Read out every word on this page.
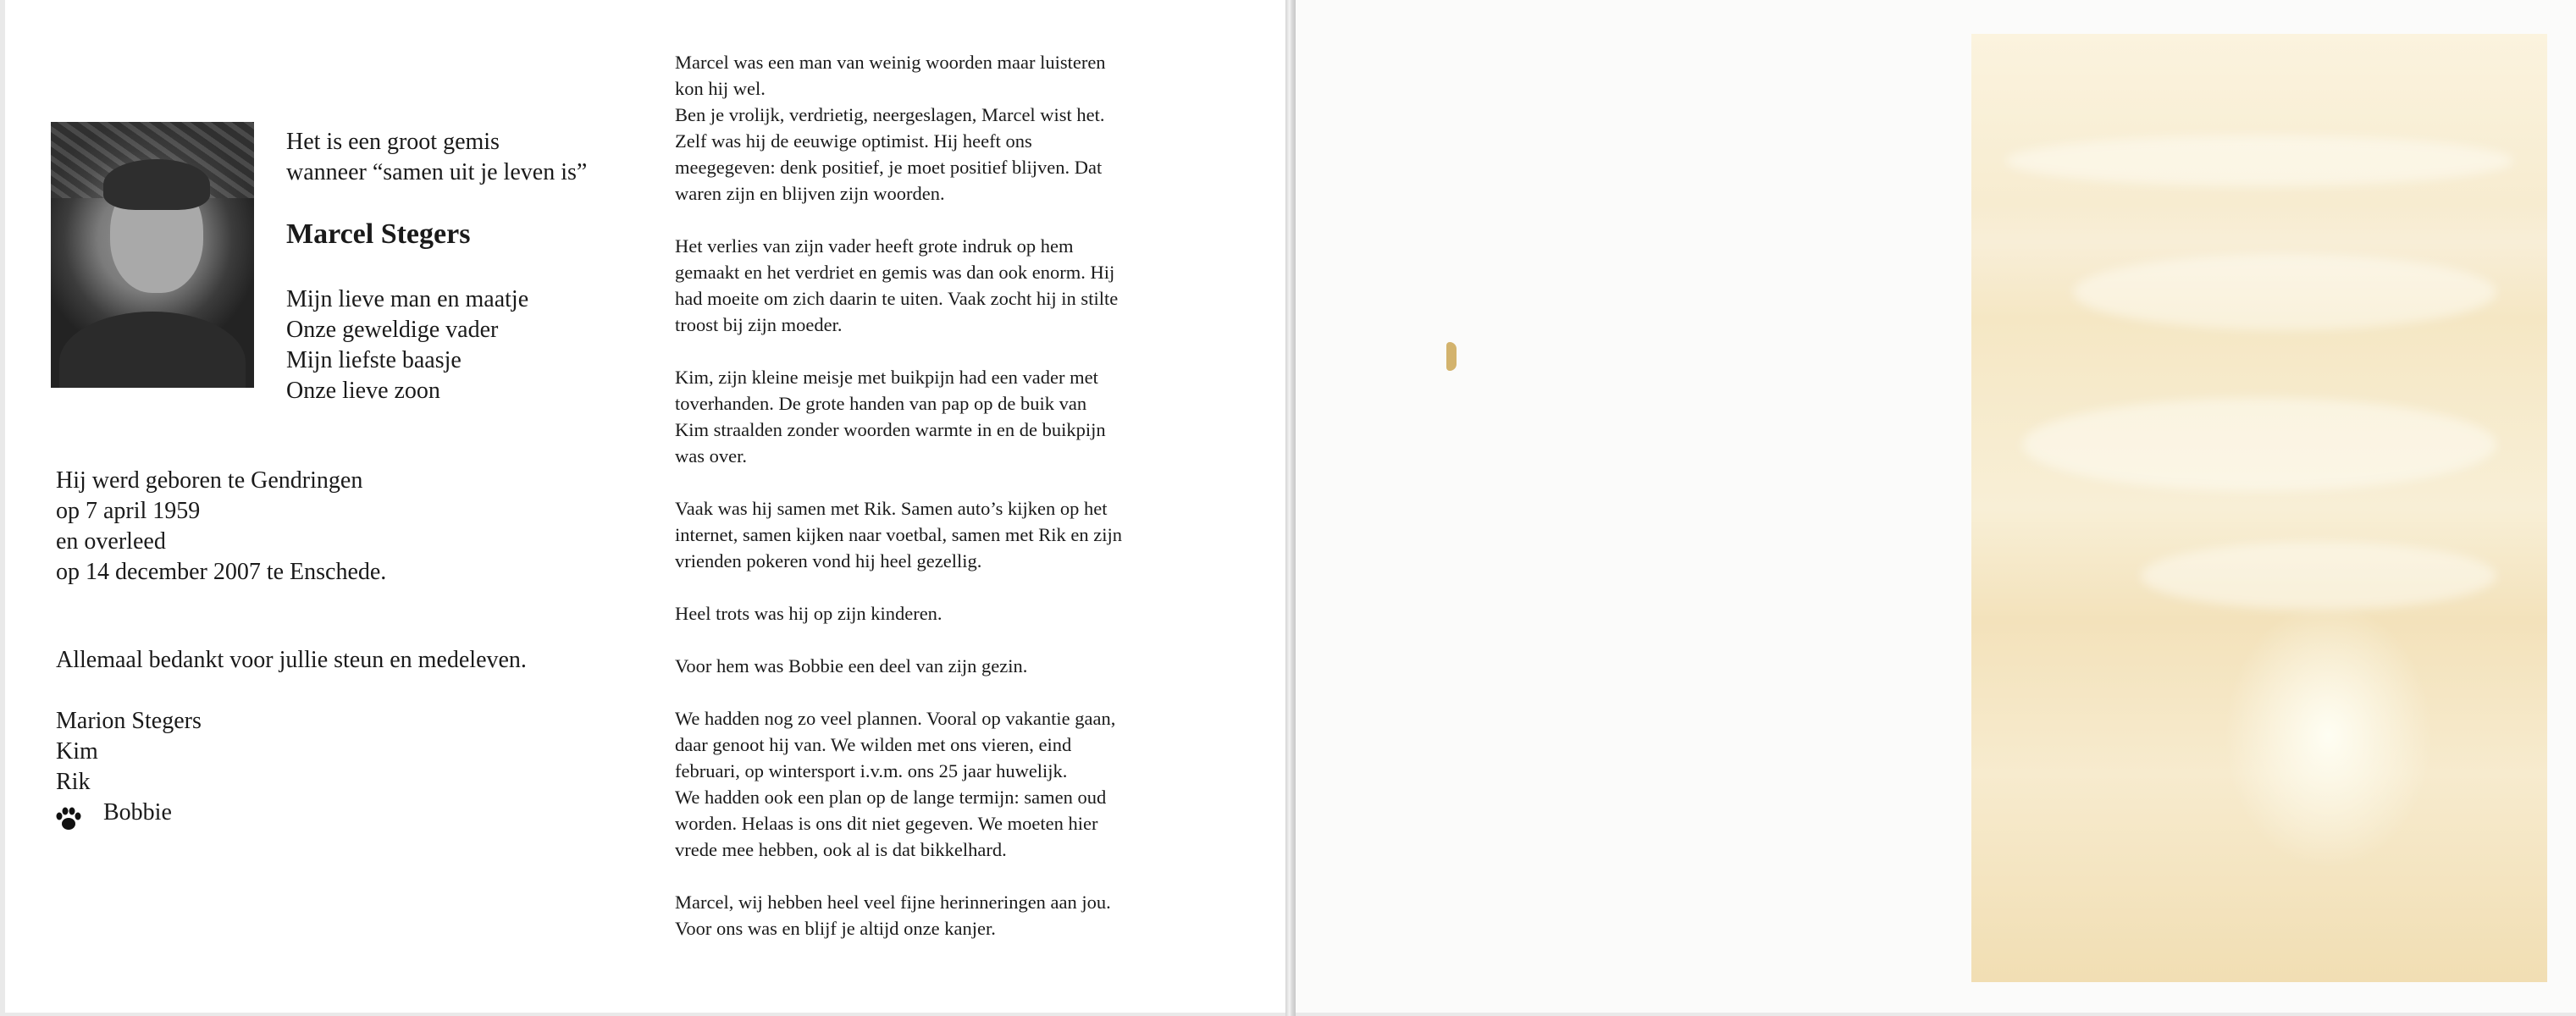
Het is een groot gemis
wanneer “samen uit je leven is”
Marcel Stegers
Mijn lieve man en maatje
Onze geweldige vader
Mijn liefste baasje
Onze lieve zoon
Hij werd geboren te Gendringen
op 7 april 1959
en overleed
op 14 december 2007 te Enschede.
Allemaal bedankt voor jullie steun en medeleven.
Marion Stegers
Kim
Rik
Bobbie
Marcel was een man van weinig woorden maar luisteren
kon hij wel.
Ben je vrolijk, verdrietig, neergeslagen, Marcel wist het.
Zelf was hij de eeuwige optimist. Hij heeft ons
meegegeven: denk positief, je moet positief blijven. Dat
waren zijn en blijven zijn woorden.
Het verlies van zijn vader heeft grote indruk op hem
gemaakt en het verdriet en gemis was dan ook enorm. Hij
had moeite om zich daarin te uiten. Vaak zocht hij in stilte
troost bij zijn moeder.
Kim, zijn kleine meisje met buikpijn had een vader met
toverhanden. De grote handen van pap op de buik van
Kim straalden zonder woorden warmte in en de buikpijn
was over.
Vaak was hij samen met Rik. Samen auto’s kijken op het
internet, samen kijken naar voetbal, samen met Rik en zijn
vrienden pokeren vond hij heel gezellig.
Heel trots was hij op zijn kinderen.
Voor hem was Bobbie een deel van zijn gezin.
We hadden nog zo veel plannen. Vooral op vakantie gaan,
daar genoot hij van. We wilden met ons vieren, eind
februari, op wintersport i.v.m. ons 25 jaar huwelijk.
We hadden ook een plan op de lange termijn: samen oud
worden. Helaas is ons dit niet gegeven. We moeten hier
vrede mee hebben, ook al is dat bikkelhard.
Marcel, wij hebben heel veel fijne herinneringen aan jou.
Voor ons was en blijf je altijd onze kanjer.
